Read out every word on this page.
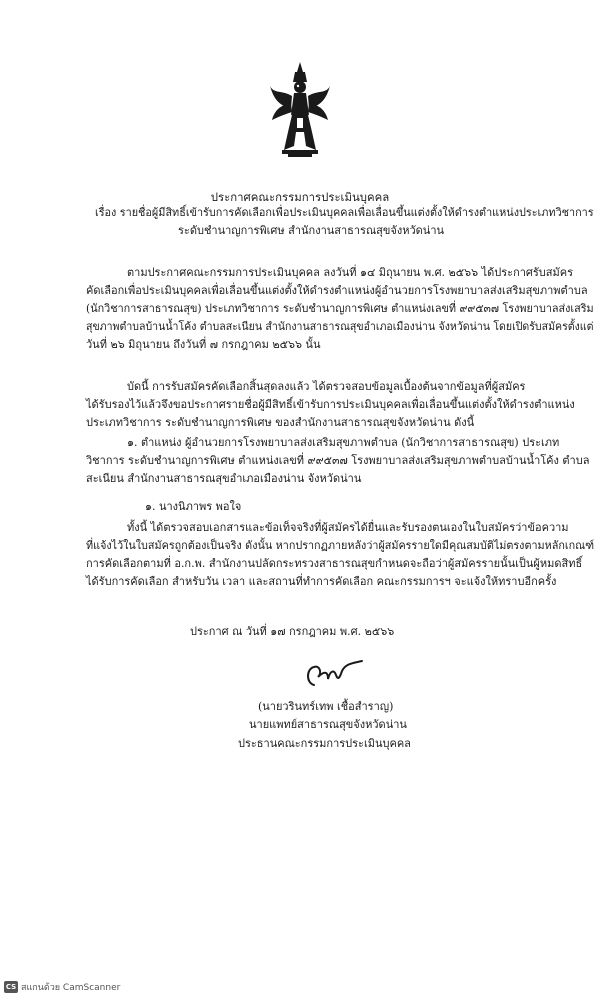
ประกาศคณะกรรมการประเมินบุคคล
เรื่อง รายชื่อผู้มีสิทธิ์เข้ารับการคัดเลือกเพื่อประเมินบุคคลเพื่อเลื่อนขึ้นแต่งตั้งให้ดำรงตำแหน่งประเภทวิชาการ
ระดับชำนาญการพิเศษ สำนักงานสาธารณสุขจังหวัดน่าน
ตามประกาศคณะกรรมการประเมินบุคคล ลงวันที่ ๑๔ มิถุนายน พ.ศ. ๒๕๖๖ ได้ประกาศรับสมัคร
คัดเลือกเพื่อประเมินบุคคลเพื่อเลื่อนขึ้นแต่งตั้งให้ดำรงตำแหน่งผู้อำนวยการโรงพยาบาลส่งเสริมสุขภาพตำบล
(นักวิชาการสาธารณสุข) ประเภทวิชาการ ระดับชำนาญการพิเศษ ตำแหน่งเลขที่ ๙๙๕๓๗ โรงพยาบาลส่งเสริม
สุขภาพตำบลบ้านน้ำโค้ง ตำบลสะเนียน สำนักงานสาธารณสุขอำเภอเมืองน่าน จังหวัดน่าน โดยเปิดรับสมัครตั้งแต่
วันที่ ๒๖ มิถุนายน ถึงวันที่ ๗ กรกฎาคม ๒๕๖๖ นั้น
บัดนี้ การรับสมัครคัดเลือกสิ้นสุดลงแล้ว ได้ตรวจสอบข้อมูลเบื้องต้นจากข้อมูลที่ผู้สมัคร
ได้รับรองไว้แล้วจึงขอประกาศรายชื่อผู้มีสิทธิ์เข้ารับการประเมินบุคคลเพื่อเลื่อนขึ้นแต่งตั้งให้ดำรงตำแหน่ง
ประเภทวิชาการ ระดับชำนาญการพิเศษ ของสำนักงานสาธารณสุขจังหวัดน่าน ดังนี้
๑. ตำแหน่ง ผู้อำนวยการโรงพยาบาลส่งเสริมสุขภาพตำบล (นักวิชาการสาธารณสุข) ประเภท
วิชาการ ระดับชำนาญการพิเศษ ตำแหน่งเลขที่ ๙๙๕๓๗ โรงพยาบาลส่งเสริมสุขภาพตำบลบ้านน้ำโค้ง ตำบล
สะเนียน สำนักงานสาธารณสุขอำเภอเมืองน่าน จังหวัดน่าน
๑. นางนิภาพร พอใจ
ทั้งนี้ ได้ตรวจสอบเอกสารและข้อเท็จจริงที่ผู้สมัครได้ยื่นและรับรองตนเองในใบสมัครว่าข้อความ
ที่แจ้งไว้ในใบสมัครถูกต้องเป็นจริง ดังนั้น หากปรากฏภายหลังว่าผู้สมัครรายใดมีคุณสมบัติไม่ตรงตามหลักเกณฑ์
การคัดเลือกตามที่ อ.ก.พ. สำนักงานปลัดกระทรวงสาธารณสุขกำหนดจะถือว่าผู้สมัครรายนั้นเป็นผู้หมดสิทธิ์
ได้รับการคัดเลือก สำหรับวัน เวลา และสถานที่ทำการคัดเลือก คณะกรรมการฯ จะแจ้งให้ทราบอีกครั้ง
ประกาศ ณ วันที่ ๑๗ กรกฎาคม พ.ศ. ๒๕๖๖
(นายวรินทร์เทพ เชื้อสำราญ)
นายแพทย์สาธารณสุขจังหวัดน่าน
ประธานคณะกรรมการประเมินบุคคล
CS สแกนด้วย CamScanner
